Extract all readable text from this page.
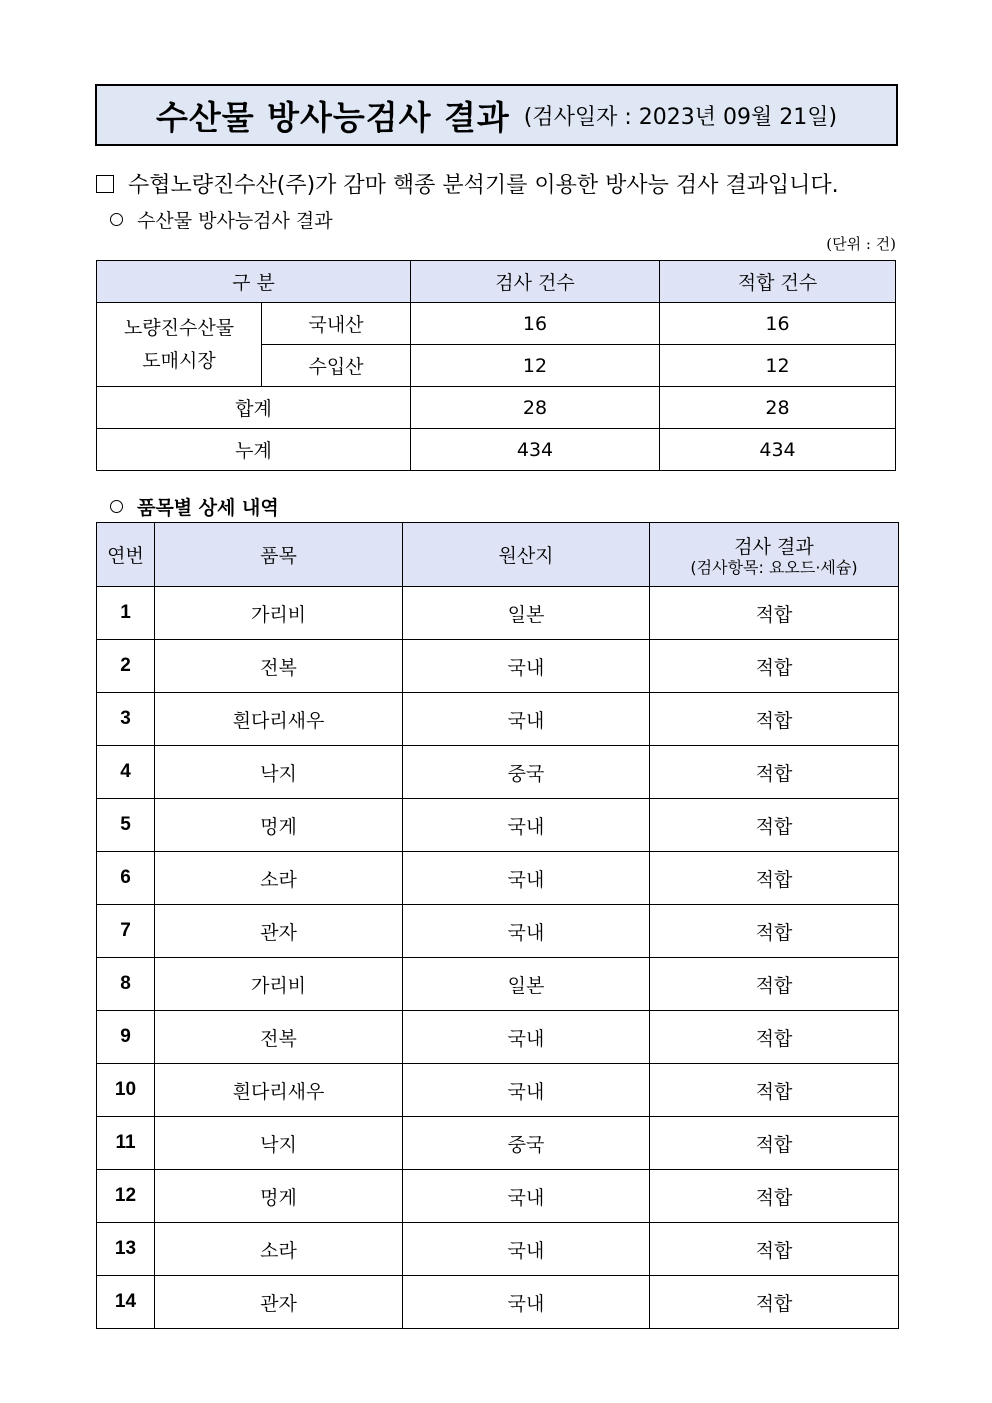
수산물 방사능검사 결과 (검사일자 : 2023년 09월 21일)
수협노량진수산(주)가 감마 핵종 분석기를 이용한 방사능 검사 결과입니다.
수산물 방사능검사 결과
(단위 : 건)
구 분		검사 건수	적합 건수
노량진수산물
도매시장	국내산	16	16
	수입산	12	12
합계		28	28
누계		434	434
품목별 상세 내역
연번	품목	원산지	검사 결과
(검사항목: 요오드·세슘)

1	가리비	일본	적합
2	전복	국내	적합
3	흰다리새우	국내	적합
4	낙지	중국	적합
5	멍게	국내	적합
6	소라	국내	적합
7	관자	국내	적합
8	가리비	일본	적합
9	전복	국내	적합
10	흰다리새우	국내	적합
11	낙지	중국	적합
12	멍게	국내	적합
13	소라	국내	적합
14	관자	국내	적합
